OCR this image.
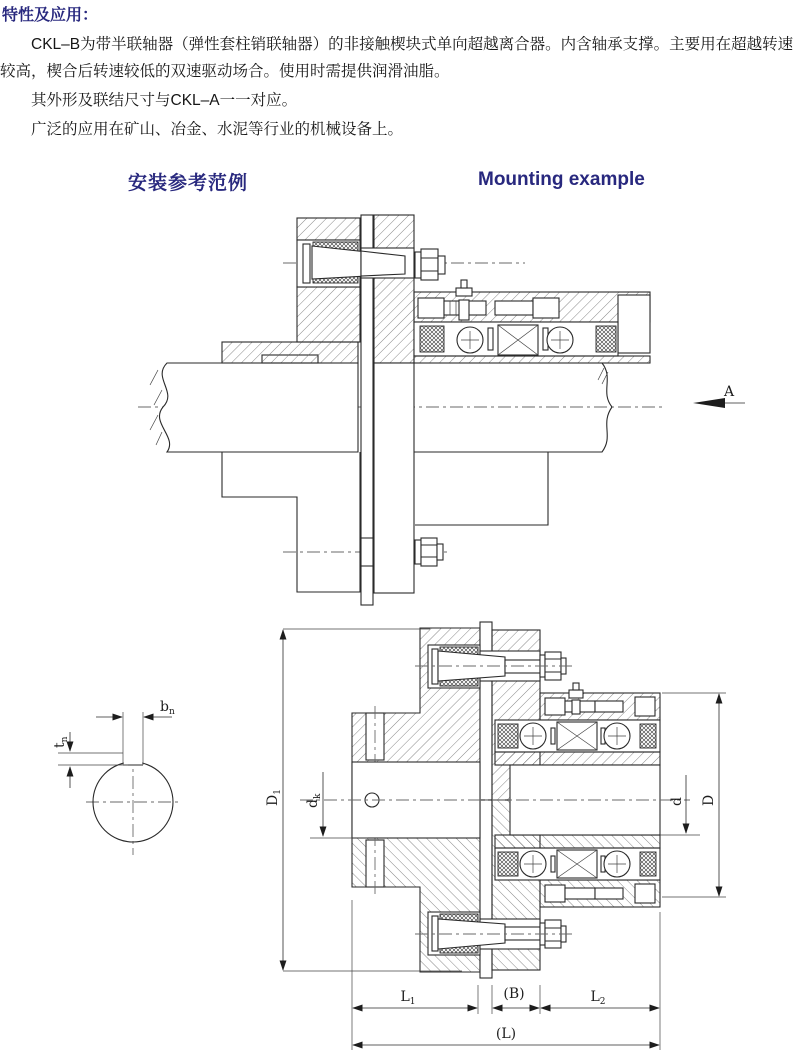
特性及应用：

CKL–B为带半联轴器（弹性套柱销联轴器）的非接触楔块式单向超越离合器。内含轴承支撑。主要用在超越转速较高，楔合后转速较低的双速驱动场合。使用时需提供润滑油脂。

其外形及联结尺寸与CKL–A一一对应。

广泛的应用在矿山、冶金、水泥等行业的机械设备上。

安装参考范例	Mounting example
A
$D_1$
$d_k$
d D
$L_1$	(B)	$L_2$
(L)
$b_n$
$t_n$
